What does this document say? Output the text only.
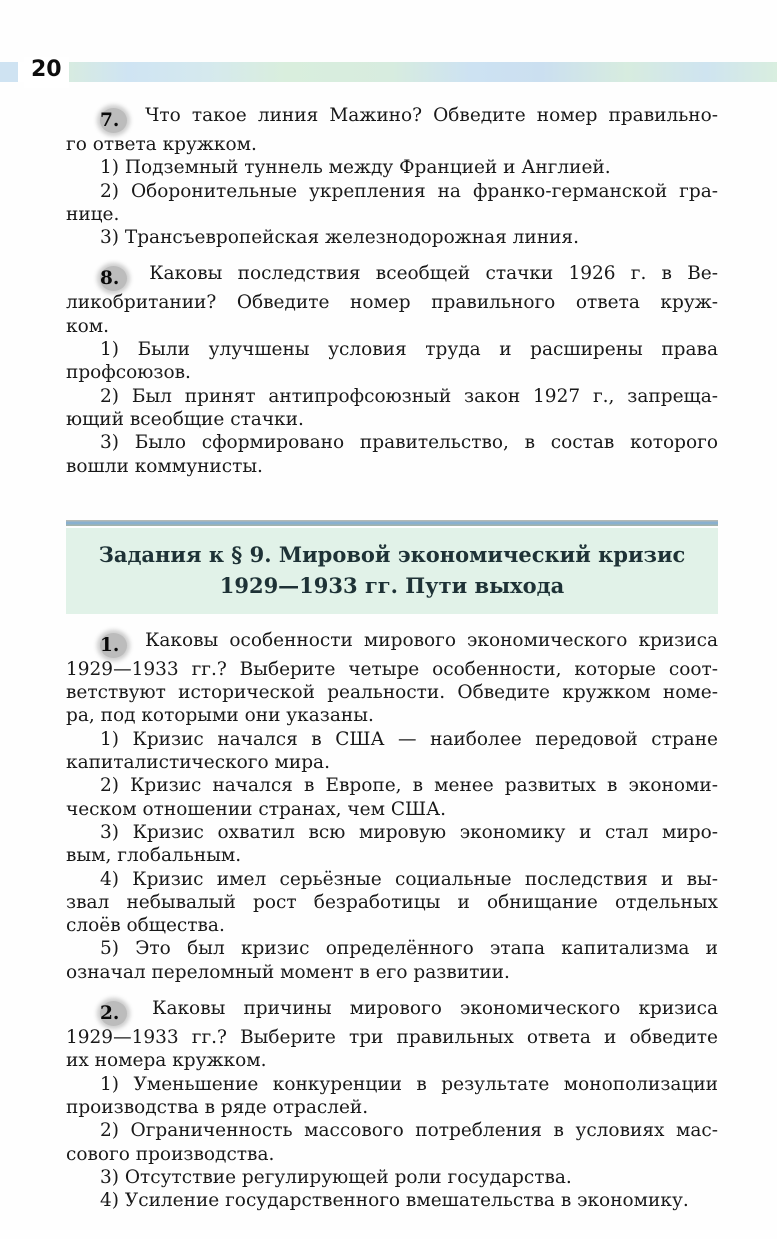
20
7. Что такое линия Мажино? Обведите номер правильно-
го ответа кружком.
1) Подземный туннель между Францией и Англией.
2) Оборонительные укрепления на франко-германской гра-
нице.
3) Трансъевропейская железнодорожная линия.
8. Каковы последствия всеобщей стачки 1926 г. в Ве-
ликобритании? Обведите номер правильного ответа круж-
ком.
1) Были улучшены условия труда и расширены права
профсоюзов.
2) Был принят антипрофсоюзный закон 1927 г., запреща-
ющий всеобщие стачки.
3) Было сформировано правительство, в состав которого
вошли коммунисты.
Задания к § 9. Мировой экономический кризис
1929—1933 гг. Пути выхода
1. Каковы особенности мирового экономического кризиса
1929—1933 гг.? Выберите четыре особенности, которые соот-
ветствуют исторической реальности. Обведите кружком номе-
ра, под которыми они указаны.
1) Кризис начался в США — наиболее передовой стране
капиталистического мира.
2) Кризис начался в Европе, в менее развитых в экономи-
ческом отношении странах, чем США.
3) Кризис охватил всю мировую экономику и стал миро-
вым, глобальным.
4) Кризис имел серьёзные социальные последствия и вы-
звал небывалый рост безработицы и обнищание отдельных
слоёв общества.
5) Это был кризис определённого этапа капитализма и
означал переломный момент в его развитии.
2. Каковы причины мирового экономического кризиса
1929—1933 гг.? Выберите три правильных ответа и обведите
их номера кружком.
1) Уменьшение конкуренции в результате монополизации
производства в ряде отраслей.
2) Ограниченность массового потребления в условиях мас-
сового производства.
3) Отсутствие регулирующей роли государства.
4) Усиление государственного вмешательства в экономику.
